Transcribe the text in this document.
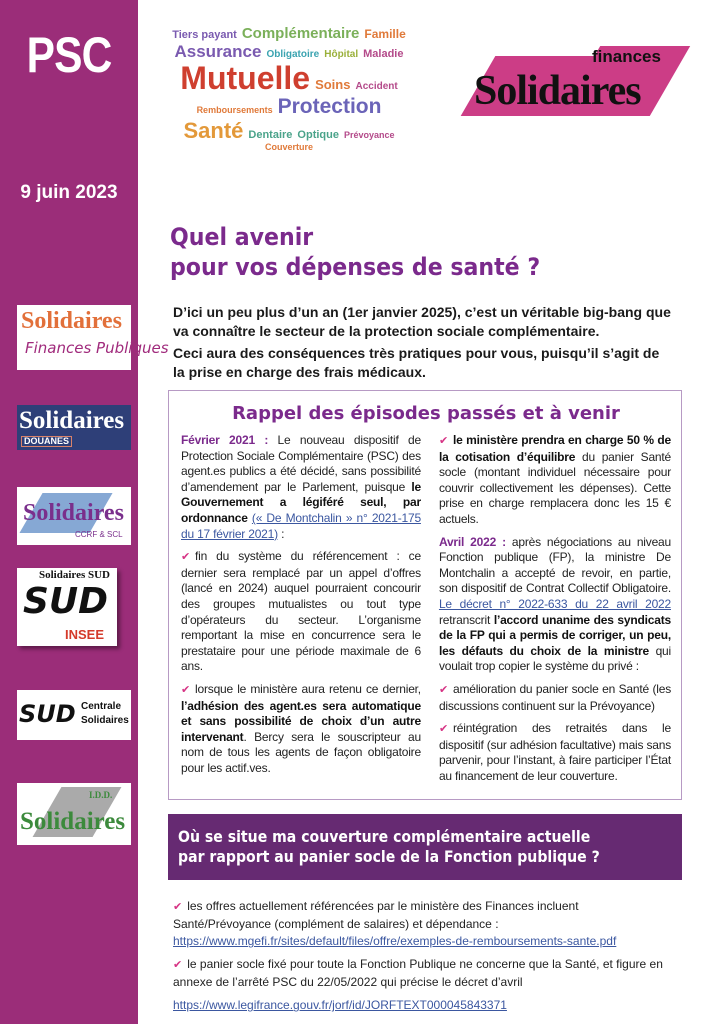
PSC
9 juin 2023
Solidaires
Finances Publiques
Solidaires
DOUANES
Solidaires
CCRF & SCL
Solidaires SUD
SUD
INSEE
SUD Centrale Solidaires
Solidaires
I.D.D.
Tiers payant Complémentaire Famille
Assurance Obligatoire Hôpital Maladie
Mutuelle Soins Accident
Remboursements Protection
Santé Dentaire Optique Prévoyance
Couverture
finances
Solidaires
Quel avenir
pour vos dépenses de santé ?

D’ici un peu plus d’un an (1er janvier 2025), c’est un véritable big-bang que va connaître le secteur de la protection sociale complémentaire.

Ceci aura des conséquences très pratiques pour vous, puisqu’il s’agit de la prise en charge des frais médicaux.

Rappel des épisodes passés et à venir

Février 2021 : Le nouveau dispositif de Protection Sociale Complémentaire (PSC) des agent.es publics a été décidé, sans possibilité d’amendement par le Parlement, puisque le Gouvernement a légiféré seul, par ordonnance (« De Montchalin » n° 2021-175 du 17 février 2021) :

✔ fin du système du référencement : ce dernier sera remplacé par un appel d’offres (lancé en 2024) auquel pourraient concourir des groupes mutualistes ou tout type d’opérateurs du secteur. L’organisme remportant la mise en concurrence sera le prestataire pour une période maximale de 6 ans.

✔ lorsque le ministère aura retenu ce dernier, l’adhésion des agent.es sera automatique et sans possibilité de choix d’un autre intervenant. Bercy sera le souscripteur au nom de tous les agents de façon obligatoire pour les actif.ves.

✔ le ministère prendra en charge 50 % de la cotisation d’équilibre du panier Santé socle (montant individuel nécessaire pour couvrir collectivement les dépenses). Cette prise en charge remplacera donc les 15 € actuels.

Avril 2022 : après négociations au niveau Fonction publique (FP), la ministre De Montchalin a accepté de revoir, en partie, son dispositif de Contrat Collectif Obligatoire. Le décret n° 2022-633 du 22 avril 2022 retranscrit l’accord unanime des syndicats de la FP qui a permis de corriger, un peu, les défauts du choix de la ministre qui voulait trop copier le système du privé :

✔ amélioration du panier socle en Santé (les discussions continuent sur la Prévoyance)

✔ réintégration des retraités dans le dispositif (sur adhésion facultative) mais sans parvenir, pour l’instant, à faire participer l’État au financement de leur couverture.

Où se situe ma couverture complémentaire actuelle
par rapport au panier socle de la Fonction publique ?

✔ les offres actuellement référencées par le ministère des Finances incluent Santé/Prévoyance (complément de salaires) et dépendance :
https://www.mgefi.fr/sites/default/files/offre/exemples-de-remboursements-sante.pdf

✔ le panier socle fixé pour toute la Fonction Publique ne concerne que la Santé, et figure en annexe de l’arrêté PSC du 22/05/2022 qui précise le décret d’avril

https://www.legifrance.gouv.fr/jorf/id/JORFTEXT000045843371
